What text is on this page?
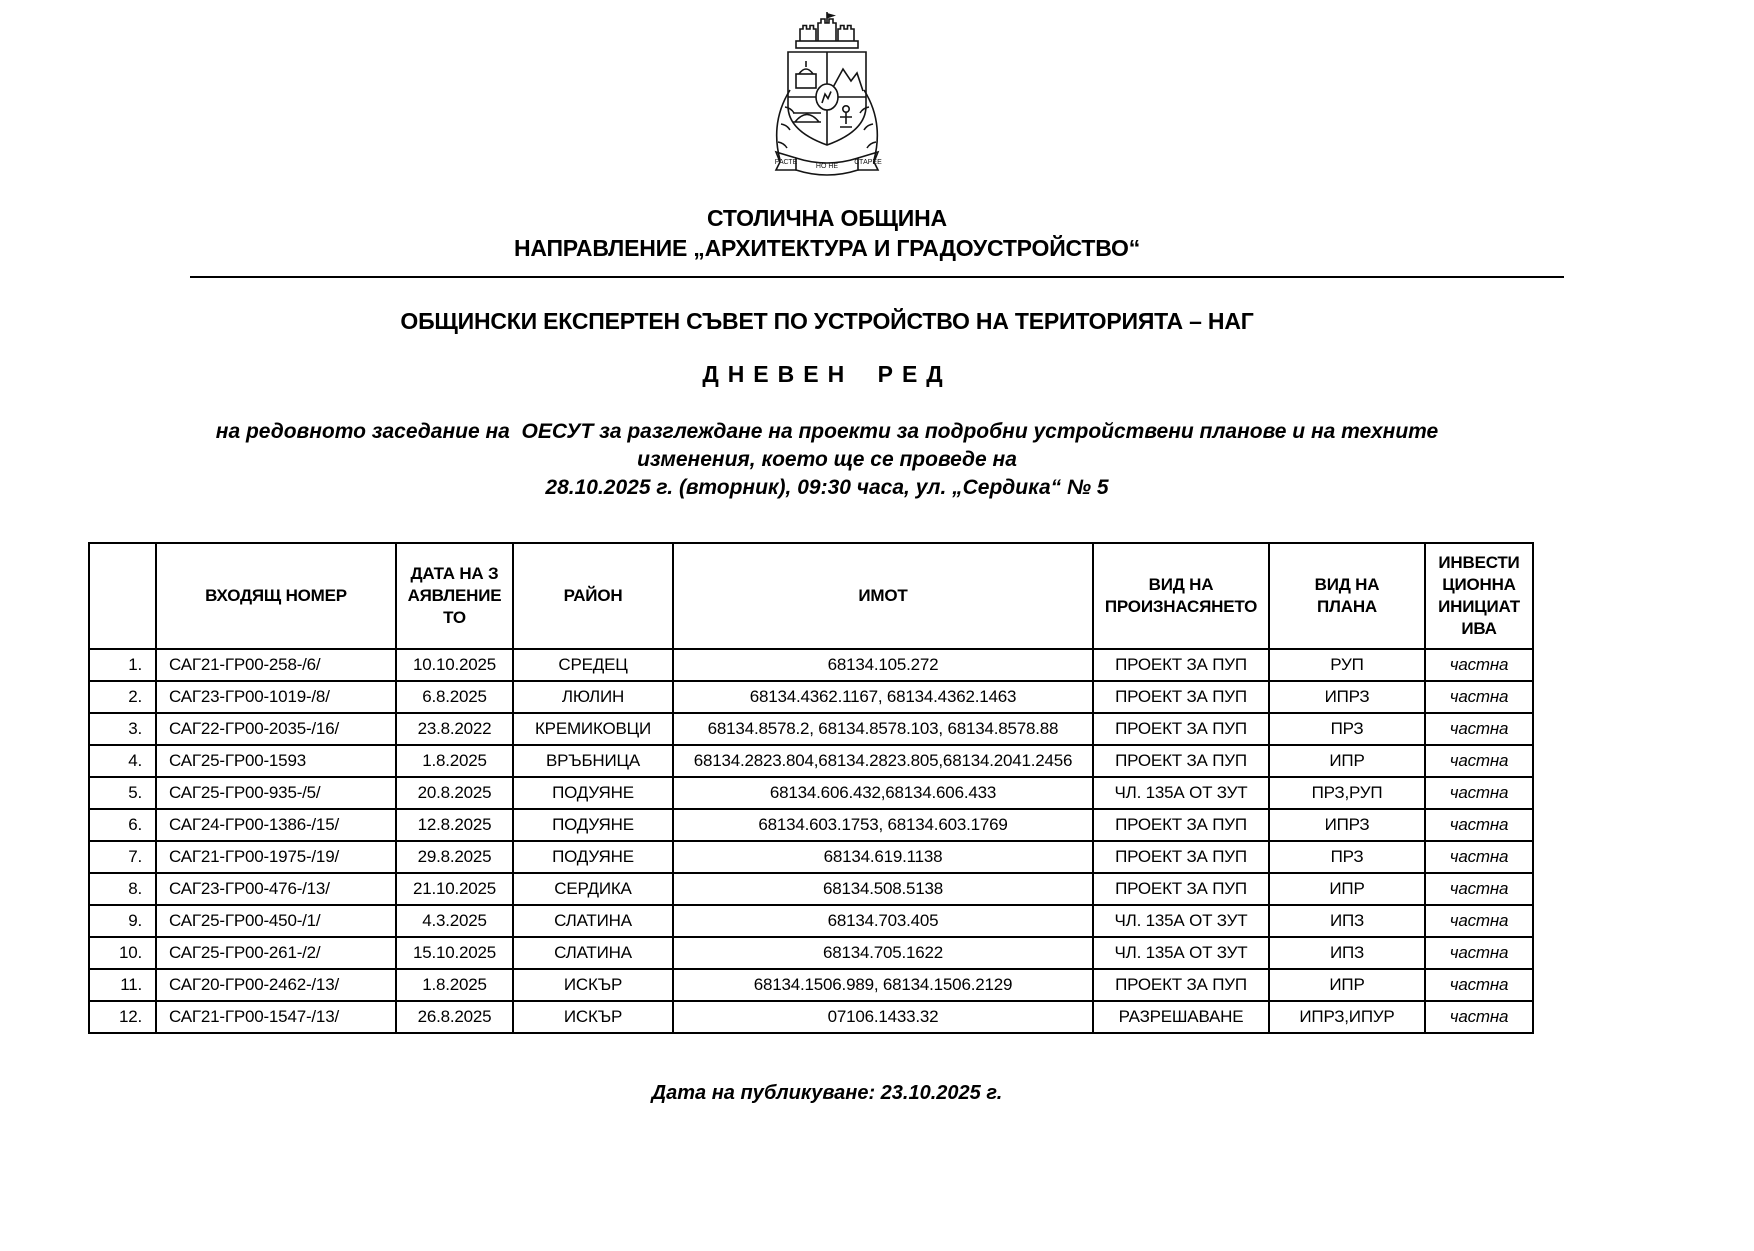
РАСТЕ
НО НЕ
СТАРЕЕ
СТОЛИЧНА ОБЩИНА
НАПРАВЛЕНИЕ „АРХИТЕКТУРА И ГРАДОУСТРОЙСТВО“
ОБЩИНСКИ ЕКСПЕРТЕН СЪВЕТ ПО УСТРОЙСТВО НА ТЕРИТОРИЯТА – НАГ
ДНЕВЕН РЕД
на редовното заседание на  ОЕСУТ за разглеждане на проекти за подробни устройствени планове и на техните
изменения, което ще се проведе на
28.10.2025 г. (вторник), 09:30 часа, ул. „Сердика“ № 5
	ВХОДЯЩ НОМЕР	ДАТА НА ЗАЯВЛЕНИЕТО	РАЙОН	ИМОТ	ВИД НА ПРОИЗНАСЯНЕТО	ВИД НА ПЛАНА	ИНВЕСТИЦИОННА ИНИЦИАТИВА
1.	САГ21-ГР00-258-/6/	10.10.2025	СРЕДЕЦ	68134.105.272	ПРОЕКТ ЗА ПУП	РУП	частна
2.	САГ23-ГР00-1019-/8/	6.8.2025	ЛЮЛИН	68134.4362.1167, 68134.4362.1463	ПРОЕКТ ЗА ПУП	ИПРЗ	частна
3.	САГ22-ГР00-2035-/16/	23.8.2022	КРЕМИКОВЦИ	68134.8578.2, 68134.8578.103, 68134.8578.88	ПРОЕКТ ЗА ПУП	ПРЗ	частна
4.	САГ25-ГР00-1593	1.8.2025	ВРЪБНИЦА	68134.2823.804,68134.2823.805,68134.2041.2456	ПРОЕКТ ЗА ПУП	ИПР	частна
5.	САГ25-ГР00-935-/5/	20.8.2025	ПОДУЯНЕ	68134.606.432,68134.606.433	ЧЛ. 135А ОТ ЗУТ	ПРЗ,РУП	частна
6.	САГ24-ГР00-1386-/15/	12.8.2025	ПОДУЯНЕ	68134.603.1753, 68134.603.1769	ПРОЕКТ ЗА ПУП	ИПРЗ	частна
7.	САГ21-ГР00-1975-/19/	29.8.2025	ПОДУЯНЕ	68134.619.1138	ПРОЕКТ ЗА ПУП	ПРЗ	частна
8.	САГ23-ГР00-476-/13/	21.10.2025	СЕРДИКА	68134.508.5138	ПРОЕКТ ЗА ПУП	ИПР	частна
9.	САГ25-ГР00-450-/1/	4.3.2025	СЛАТИНА	68134.703.405	ЧЛ. 135А ОТ ЗУТ	ИПЗ	частна
10.	САГ25-ГР00-261-/2/	15.10.2025	СЛАТИНА	68134.705.1622	ЧЛ. 135А ОТ ЗУТ	ИПЗ	частна
11.	САГ20-ГР00-2462-/13/	1.8.2025	ИСКЪР	68134.1506.989, 68134.1506.2129	ПРОЕКТ ЗА ПУП	ИПР	частна
12.	САГ21-ГР00-1547-/13/	26.8.2025	ИСКЪР	07106.1433.32	РАЗРЕШАВАНЕ	ИПРЗ,ИПУР	частна
Дата на публикуване: 23.10.2025 г.
